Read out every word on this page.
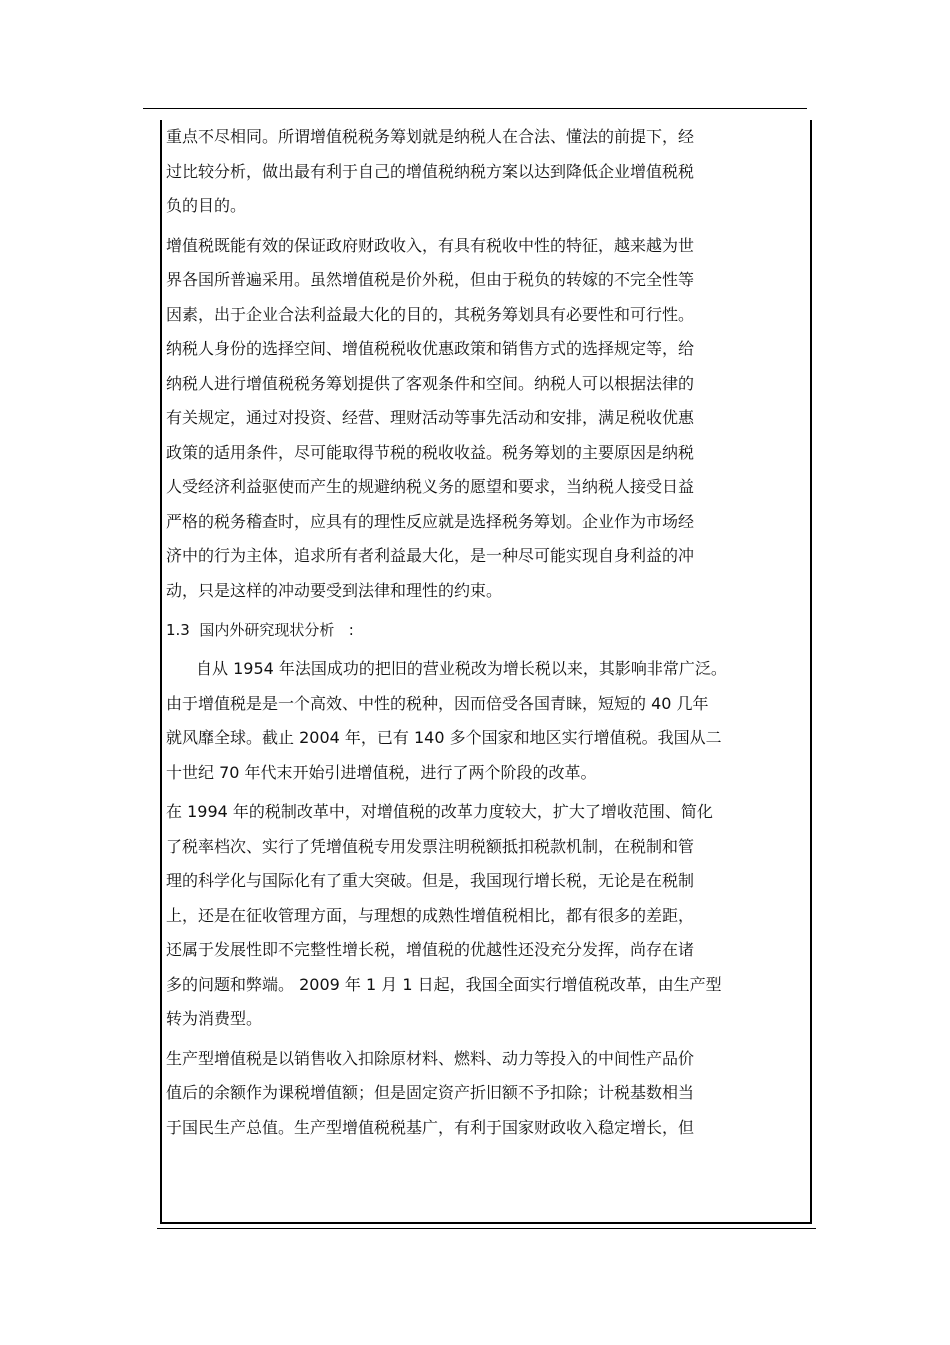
重点不尽相同。所谓增值税税务筹划就是纳税人在合法、懂法的前提下，经
过比较分析，做出最有利于自己的增值税纳税方案以达到降低企业增值税税
负的目的。

增值税既能有效的保证政府财政收入，有具有税收中性的特征，越来越为世
界各国所普遍采用。虽然增值税是价外税，但由于税负的转嫁的不完全性等
因素，出于企业合法利益最大化的目的，其税务筹划具有必要性和可行性。
纳税人身份的选择空间、增值税税收优惠政策和销售方式的选择规定等，给
纳税人进行增值税税务筹划提供了客观条件和空间。纳税人可以根据法律的
有关规定，通过对投资、经营、理财活动等事先活动和安排，满足税收优惠
政策的适用条件，尽可能取得节税的税收收益。税务筹划的主要原因是纳税
人受经济利益驱使而产生的规避纳税义务的愿望和要求，当纳税人接受日益
严格的税务稽查时，应具有的理性反应就是选择税务筹划。企业作为市场经
济中的行为主体，追求所有者利益最大化，是一种尽可能实现自身利益的冲
动，只是这样的冲动要受到法律和理性的约束。

1.3  国内外研究现状分析   :

自从 1954 年法国成功的把旧的营业税改为增长税以来，其影响非常广泛。
由于增值税是是一个高效、中性的税种，因而倍受各国青睐，短短的 40 几年
就风靡全球。截止 2004 年，已有 140 多个国家和地区实行增值税。我国从二
十世纪 70 年代末开始引进增值税，进行了两个阶段的改革。

在 1994 年的税制改革中，对增值税的改革力度较大，扩大了增收范围、简化
了税率档次、实行了凭增值税专用发票注明税额抵扣税款机制，在税制和管
理的科学化与国际化有了重大突破。但是，我国现行增长税，无论是在税制
上，还是在征收管理方面，与理想的成熟性增值税相比，都有很多的差距，
还属于发展性即不完整性增长税，增值税的优越性还没充分发挥，尚存在诸
多的问题和弊端。 2009 年 1 月 1 日起，我国全面实行增值税改革，由生产型
转为消费型。

生产型增值税是以销售收入扣除原材料、燃料、动力等投入的中间性产品价
值后的余额作为课税增值额；但是固定资产折旧额不予扣除；计税基数相当
于国民生产总值。生产型增值税税基广，有利于国家财政收入稳定增长，但
